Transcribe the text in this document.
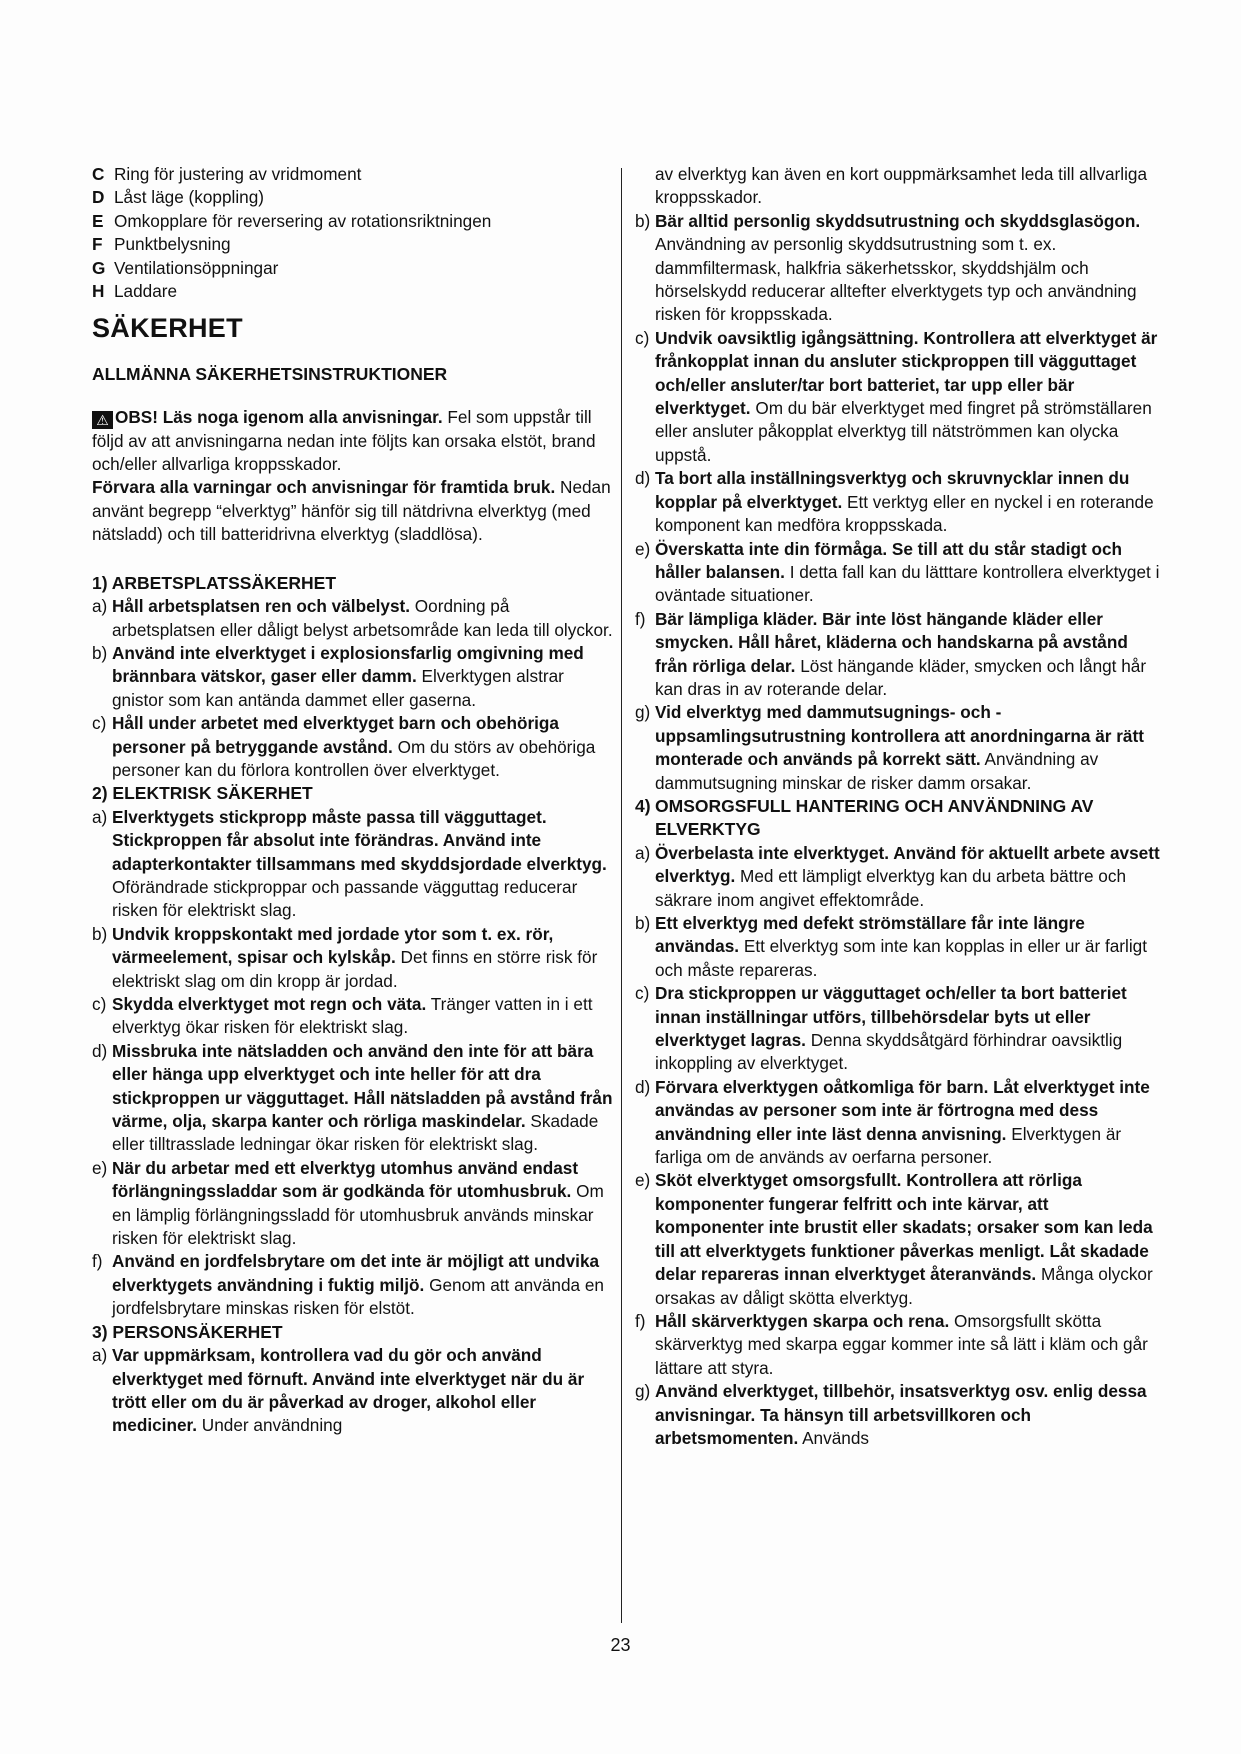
C Ring för justering av vridmoment
D Låst läge (koppling)
E Omkopplare för reversering av rotationsriktningen
F Punktbelysning
G Ventilationsöppningar
H Laddare
SÄKERHET
ALLMÄNNA SÄKERHETSINSTRUKTIONER

⚠ OBS! Läs noga igenom alla anvisningar. Fel som uppstår till följd av att anvisningarna nedan inte följts kan orsaka elstöt, brand och/eller allvarliga kroppsskador.
Förvara alla varningar och anvisningar för framtida bruk. Nedan använt begrepp “elverktyg” hänför sig till nätdrivna elverktyg (med nätsladd) och till batteridrivna elverktyg (sladdlösa).

1) ARBETSPLATSSÄKERHET
a) Håll arbetsplatsen ren och välbelyst. Oordning på arbetsplatsen eller dåligt belyst arbetsområde kan leda till olyckor.
b) Använd inte elverktyget i explosionsfarlig omgivning med brännbara vätskor, gaser eller damm. Elverktygen alstrar gnistor som kan antända dammet eller gaserna.
c) Håll under arbetet med elverktyget barn och obehöriga personer på betryggande avstånd. Om du störs av obehöriga personer kan du förlora kontrollen över elverktyget.
2) ELEKTRISK SÄKERHET
a) Elverktygets stickpropp måste passa till vägguttaget. Stickproppen får absolut inte förändras. Använd inte adapterkontakter tillsammans med skyddsjordade elverktyg. Oförändrade stickproppar och passande vägguttag reducerar risken för elektriskt slag.
b) Undvik kroppskontakt med jordade ytor som t. ex. rör, värmeelement, spisar och kylskåp. Det finns en större risk för elektriskt slag om din kropp är jordad.
c) Skydda elverktyget mot regn och väta. Tränger vatten in i ett elverktyg ökar risken för elektriskt slag.
d) Missbruka inte nätsladden och använd den inte för att bära eller hänga upp elverktyget och inte heller för att dra stickproppen ur vägguttaget. Håll nätsladden på avstånd från värme, olja, skarpa kanter och rörliga maskindelar. Skadade eller tilltrasslade ledningar ökar risken för elektriskt slag.
e) När du arbetar med ett elverktyg utomhus använd endast förlängningssladdar som är godkända för utomhusbruk. Om en lämplig förlängningssladd för utomhusbruk används minskar risken för elektriskt slag.
f) Använd en jordfelsbrytare om det inte är möjligt att undvika elverktygets användning i fuktig miljö. Genom att använda en jordfelsbrytare minskas risken för elstöt.
3) PERSONSÄKERHET
a) Var uppmärksam, kontrollera vad du gör och använd elverktyget med förnuft. Använd inte elverktyget när du är trött eller om du är påverkad av droger, alkohol eller mediciner. Under användning
av elverktyg kan även en kort ouppmärksamhet leda till allvarliga kroppsskador.
b) Bär alltid personlig skyddsutrustning och skyddsglasögon. Användning av personlig skyddsutrustning som t. ex. dammfiltermask, halkfria säkerhetsskor, skyddshjälm och hörselskydd reducerar alltefter elverktygets typ och användning risken för kroppsskada.
c) Undvik oavsiktlig igångsättning. Kontrollera att elverktyget är frånkopplat innan du ansluter stickproppen till vägguttaget och/eller ansluter/tar bort batteriet, tar upp eller bär elverktyget. Om du bär elverktyget med fingret på strömställaren eller ansluter påkopplat elverktyg till nätströmmen kan olycka uppstå.
d) Ta bort alla inställningsverktyg och skruvnycklar innen du kopplar på elverktyget. Ett verktyg eller en nyckel i en roterande komponent kan medföra kroppsskada.
e) Överskatta inte din förmåga. Se till att du står stadigt och håller balansen. I detta fall kan du lätttare kontrollera elverktyget i oväntade situationer.
f) Bär lämpliga kläder. Bär inte löst hängande kläder eller smycken. Håll håret, kläderna och handskarna på avstånd från rörliga delar. Löst hängande kläder, smycken och långt hår kan dras in av roterande delar.
g) Vid elverktyg med dammutsugnings- och -uppsamlingsutrustning kontrollera att anordningarna är rätt monterade och används på korrekt sätt. Användning av dammutsugning minskar de risker damm orsakar.
4) OMSORGSFULL HANTERING OCH ANVÄNDNING AV ELVERKTYG
a) Överbelasta inte elverktyget. Använd för aktuellt arbete avsett elverktyg. Med ett lämpligt elverktyg kan du arbeta bättre och säkrare inom angivet effektområde.
b) Ett elverktyg med defekt strömställare får inte längre användas. Ett elverktyg som inte kan kopplas in eller ur är farligt och måste repareras.
c) Dra stickproppen ur vägguttaget och/eller ta bort batteriet innan inställningar utförs, tillbehörsdelar byts ut eller elverktyget lagras. Denna skyddsåtgärd förhindrar oavsiktlig inkoppling av elverktyget.
d) Förvara elverktygen oåtkomliga för barn. Låt elverktyget inte användas av personer som inte är förtrogna med dess användning eller inte läst denna anvisning. Elverktygen är farliga om de används av oerfarna personer.
e) Sköt elverktyget omsorgsfullt. Kontrollera att rörliga komponenter fungerar felfritt och inte kärvar, att komponenter inte brustit eller skadats; orsaker som kan leda till att elverktygets funktioner påverkas menligt. Låt skadade delar repareras innan elverktyget återanvänds. Många olyckor orsakas av dåligt skötta elverktyg.
f) Håll skärverktygen skarpa och rena. Omsorgsfullt skötta skärverktyg med skarpa eggar kommer inte så lätt i kläm och går lättare att styra.
g) Använd elverktyget, tillbehör, insatsverktyg osv. enlig dessa anvisningar. Ta hänsyn till arbetsvillkoren och arbetsmomenten. Används
23
